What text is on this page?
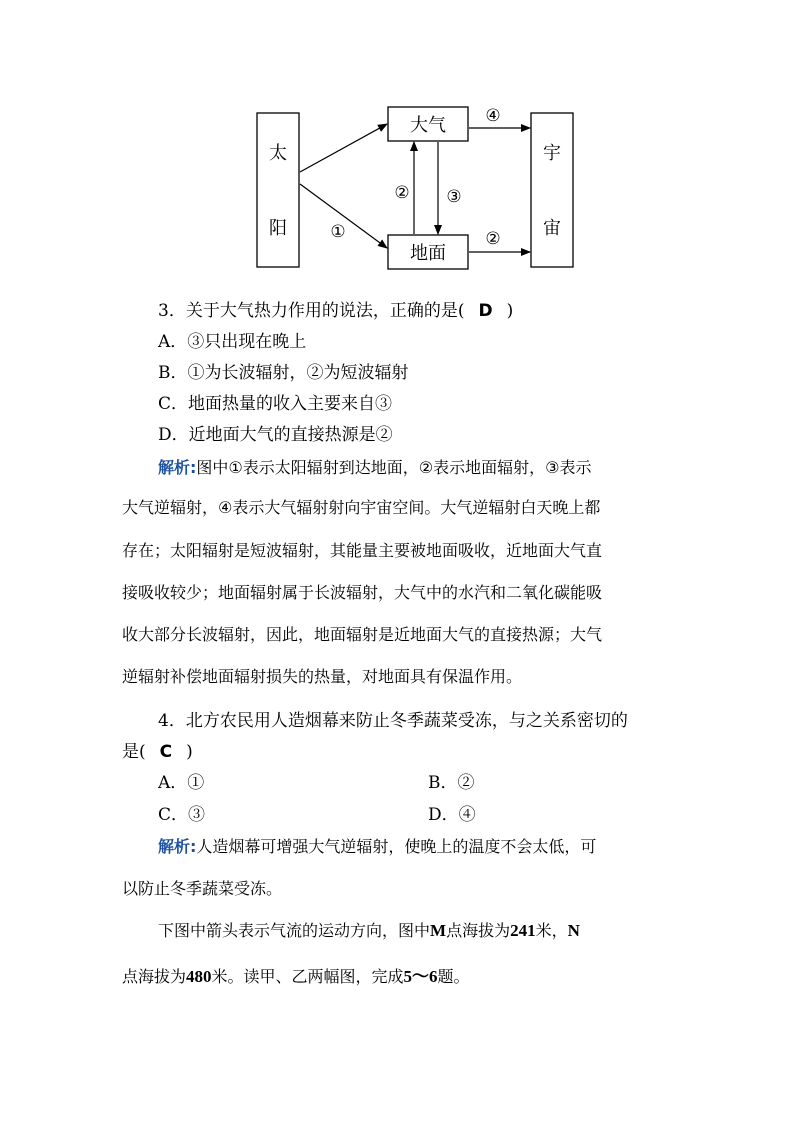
太
阳
大气
地面
宇
宙
①
② ③
④
②
3．关于大气热力作用的说法，正确的是( D )
A．③只出现在晚上
B．①为长波辐射，②为短波辐射
C．地面热量的收入主要来自③
D．近地面大气的直接热源是②
解析:图中①表示太阳辐射到达地面，②表示地面辐射，③表示
大气逆辐射，④表示大气辐射射向宇宙空间。大气逆辐射白天晚上都
存在；太阳辐射是短波辐射，其能量主要被地面吸收，近地面大气直
接吸收较少；地面辐射属于长波辐射，大气中的水汽和二氧化碳能吸
收大部分长波辐射，因此，地面辐射是近地面大气的直接热源；大气
逆辐射补偿地面辐射损失的热量，对地面具有保温作用。
4．北方农民用人造烟幕来防止冬季蔬菜受冻，与之关系密切的
是( C )
A．①	B．②
C．③	D．④
解析:人造烟幕可增强大气逆辐射，使晚上的温度不会太低，可
以防止冬季蔬菜受冻。
下图中箭头表示气流的运动方向，图中M点海拔为241米，N
点海拔为480米。读甲、乙两幅图，完成5～6题。
